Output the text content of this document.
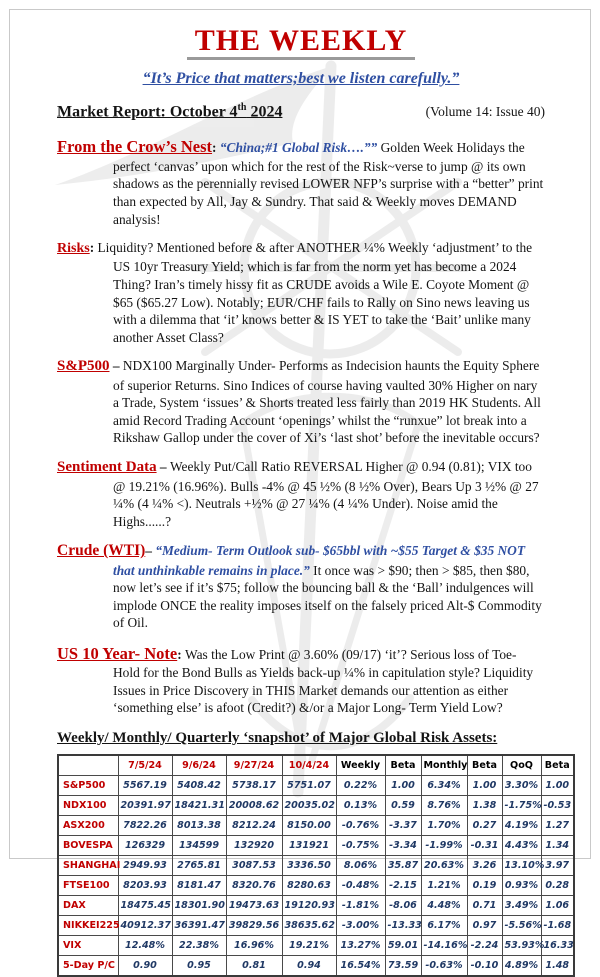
THE WEEKLY
“It’s Price that matters;best we listen carefully.”
Market Report: October 4th 2024	(Volume 14: Issue 40)

From the Crow’s Nest: “China;#1 Global Risk….”” Golden Week Holidays the perfect ‘canvas’ upon which for the rest of the Risk~verse to jump @ its own shadows as the perennially revised LOWER NFP’s surprise with a “better” print than expected by All, Jay & Sundry. That said & Weekly moves DEMAND analysis!

Risks: Liquidity? Mentioned before & after ANOTHER ¼% Weekly ‘adjustment’ to the US 10yr Treasury Yield; which is far from the norm yet has become a 2024 Thing? Iran’s timely hissy fit as CRUDE avoids a Wile E. Coyote Moment @ $65 ($65.27 Low). Notably; EUR/CHF fails to Rally on Sino news leaving us with a dilemma that ‘it’ knows better & IS YET to take the ‘Bait’ unlike many another Asset Class?

S&P500 – NDX100 Marginally Under- Performs as Indecision haunts the Equity Sphere of superior Returns. Sino Indices of course having vaulted 30% Higher on nary a Trade, System ‘issues’ & Shorts treated less fairly than 2019 HK Students. All amid Record Trading Account ‘openings’ whilst the “runxue” lot break into a Rikshaw Gallop under the cover of Xi’s ‘last shot’ before the inevitable occurs?

Sentiment Data – Weekly Put/Call Ratio REVERSAL Higher @ 0.94 (0.81); VIX too @ 19.21% (16.96%). Bulls -4% @ 45 ½% (8 ½% Over), Bears Up 3 ½% @ 27 ¼% (4 ¼% <). Neutrals +½% @ 27 ¼% (4 ¼% Under). Noise amid the Highs......?

Crude (WTI)– “Medium- Term Outlook sub- $65bbl with ~$55 Target & $35 NOT that unthinkable remains in place.” It once was > $90; then > $85, then $80, now let’s see if it’s $75; follow the bouncing ball & the ‘Ball’ indulgences will implode ONCE the reality imposes itself on the falsely priced Alt-$ Commodity of Oil.

US 10 Year- Note: Was the Low Print @ 3.60% (09/17) ‘it’? Serious loss of Toe- Hold for the Bond Bulls as Yields back-up ¼% in capitulation style? Liquidity Issues in Price Discovery in THIS Market demands our attention as either ‘something else’ is afoot (Credit?) &/or a Major Long- Term Yield Low?

Weekly/ Monthly/ Quarterly ‘snapshot’ of Major Global Risk Assets:
	7/5/24	9/6/24	9/27/24	10/4/24	Weekly	Beta	Monthly	Beta	QoQ	Beta
S&P500	5567.19	5408.42	5738.17	5751.07	0.22%	1.00	6.34%	1.00	3.30%	1.00
NDX100	20391.97	18421.31	20008.62	20035.02	0.13%	0.59	8.76%	1.38	-1.75%	-0.53
ASX200	7822.26	8013.38	8212.24	8150.00	-0.76%	-3.37	1.70%	0.27	4.19%	1.27
BOVESPA	126329	134599	132920	131921	-0.75%	-3.34	-1.99%	-0.31	4.43%	1.34
SHANGHAI	2949.93	2765.81	3087.53	3336.50	8.06%	35.87	20.63%	3.26	13.10%	3.97
FTSE100	8203.93	8181.47	8320.76	8280.63	-0.48%	-2.15	1.21%	0.19	0.93%	0.28
DAX	18475.45	18301.90	19473.63	19120.93	-1.81%	-8.06	4.48%	0.71	3.49%	1.06
NIKKEI225	40912.37	36391.47	39829.56	38635.62	-3.00%	-13.33	6.17%	0.97	-5.56%	-1.68
VIX	12.48%	22.38%	16.96%	19.21%	13.27%	59.01	-14.16%	-2.24	53.93%	16.33
5-Day P/C	0.90	0.95	0.81	0.94	16.54%	73.59	-0.63%	-0.10	4.89%	1.48
